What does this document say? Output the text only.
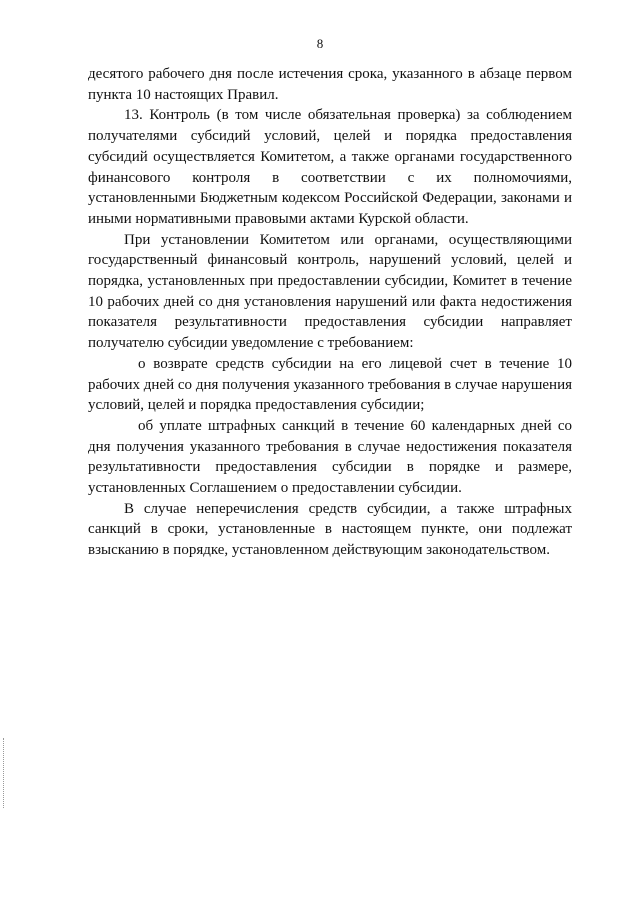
8

десятого рабочего дня после истечения срока, указанного в абзаце первом пункта 10 настоящих Правил.

13. Контроль (в том числе обязательная проверка) за соблюдением получателями субсидий условий, целей и порядка предоставления субсидий осуществляется Комитетом, а также органами государственного финансового контроля в соответствии с их полномочиями, установленными Бюджетным кодексом Российской Федерации, законами и иными нормативными правовыми актами Курской области.

При установлении Комитетом или органами, осуществляющими государственный финансовый контроль, нарушений условий, целей и порядка, установленных при предоставлении субсидии, Комитет в течение 10 рабочих дней со дня установления нарушений или факта недостижения показателя результативности предоставления субсидии направляет получателю субсидии уведомление с требованием:

о возврате средств субсидии на его лицевой счет в течение 10 рабочих дней со дня получения указанного требования в случае нарушения условий, целей и порядка предоставления субсидии;

об уплате штрафных санкций в течение 60 календарных дней со дня получения указанного требования в случае недостижения показателя результативности предоставления субсидии в порядке и размере, установленных Соглашением о предоставлении субсидии.

В случае неперечисления средств субсидии, а также штрафных санкций в сроки, установленные в настоящем пункте, они подлежат взысканию в порядке, установленном действующим законодательством.
